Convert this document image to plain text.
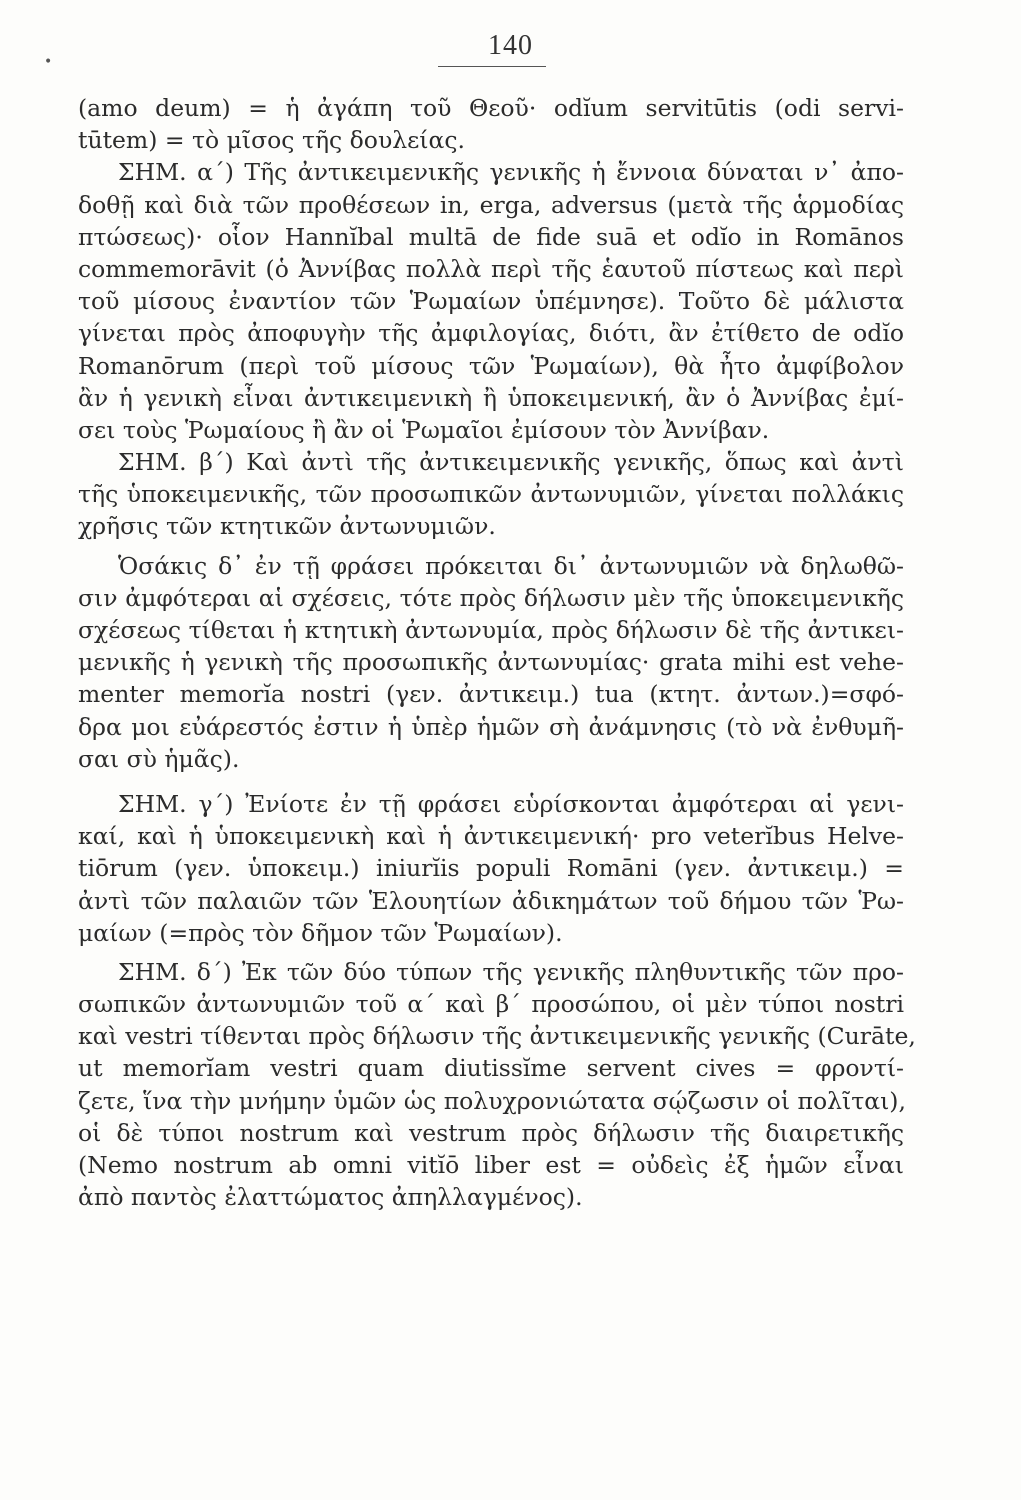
•
140
(amo deum) = ἡ ἀγάπη τοῦ Θεοῦ· odĭum servitūtis (odi servi-
tūtem) = τὸ μῖσος τῆς δουλείας.
ΣΗΜ. α΄) Τῆς ἀντικειμενικῆς γενικῆς ἡ ἔννοια δύναται ν᾽ ἀπο-
δοθῇ καὶ διὰ τῶν προθέσεων in, erga, adversus (μετὰ τῆς ἁρμοδίας
πτώσεως)· οἷον Hannĭbal multā de fide suā et odĭo in Romānos
commemorāvit (ὁ Ἀννίβας πολλὰ περὶ τῆς ἑαυτοῦ πίστεως καὶ περὶ
τοῦ μίσους ἐναντίον τῶν Ῥωμαίων ὑπέμνησε). Τοῦτο δὲ μάλιστα
γίνεται πρὸς ἀποφυγὴν τῆς ἀμφιλογίας, διότι, ἂν ἐτίθετο de odĭo
Romanōrum (περὶ τοῦ μίσους τῶν Ῥωμαίων), θὰ ἦτο ἀμφίβολον
ἂν ἡ γενικὴ εἶναι ἀντικειμενικὴ ἢ ὑποκειμενική, ἂν ὁ Ἀννίβας ἐμί-
σει τοὺς Ῥωμαίους ἢ ἂν οἱ Ῥωμαῖοι ἐμίσουν τὸν Ἀννίβαν.
ΣΗΜ. β΄) Καὶ ἀντὶ τῆς ἀντικειμενικῆς γενικῆς, ὅπως καὶ ἀντὶ
τῆς ὑποκειμενικῆς, τῶν προσωπικῶν ἀντωνυμιῶν, γίνεται πολλάκις
χρῆσις τῶν κτητικῶν ἀντωνυμιῶν.
Ὁσάκις δ᾽ ἐν τῇ φράσει πρόκειται δι᾽ ἀντωνυμιῶν νὰ δηλωθῶ-
σιν ἀμφότεραι αἱ σχέσεις, τότε πρὸς δήλωσιν μὲν τῆς ὑποκειμενικῆς
σχέσεως τίθεται ἡ κτητικὴ ἀντωνυμία, πρὸς δήλωσιν δὲ τῆς ἀντικει-
μενικῆς ἡ γενικὴ τῆς προσωπικῆς ἀντωνυμίας· grata mihi est vehe-
menter memorĭa nostri (γεν. ἀντικειμ.) tua (κτητ. ἀντων.)=σφό-
δρα μοι εὐάρεστός ἐστιν ἡ ὑπὲρ ἡμῶν σὴ ἀνάμνησις (τὸ νὰ ἐνθυμῆ-
σαι σὺ ἡμᾶς).
ΣΗΜ. γ΄) Ἐνίοτε ἐν τῇ φράσει εὑρίσκονται ἀμφότεραι αἱ γενι-
καί, καὶ ἡ ὑποκειμενικὴ καὶ ἡ ἀντικειμενική· pro veterĭbus Helve-
tiōrum (γεν. ὑποκειμ.) iniurĭis populi Romāni (γεν. ἀντικειμ.) =
ἀντὶ τῶν παλαιῶν τῶν Ἑλουητίων ἀδικημάτων τοῦ δήμου τῶν Ῥω-
μαίων (=πρὸς τὸν δῆμον τῶν Ῥωμαίων).
ΣΗΜ. δ΄) Ἐκ τῶν δύο τύπων τῆς γενικῆς πληθυντικῆς τῶν προ-
σωπικῶν ἀντωνυμιῶν τοῦ α΄ καὶ β΄ προσώπου, οἱ μὲν τύποι nostri
καὶ vestri τίθενται πρὸς δήλωσιν τῆς ἀντικειμενικῆς γενικῆς (Curāte,
ut memorĭam vestri quam diutissĭme servent cives = φροντί-
ζετε, ἵνα τὴν μνήμην ὑμῶν ὡς πολυχρονιώτατα σῴζωσιν οἱ πολῖται),
οἱ δὲ τύποι nostrum καὶ vestrum πρὸς δήλωσιν τῆς διαιρετικῆς
(Nemo nostrum ab omni vitĭō liber est = οὐδεὶς ἐξ ἡμῶν εἶναι
ἀπὸ παντὸς ἐλαττώματος ἀπηλλαγμένος).
